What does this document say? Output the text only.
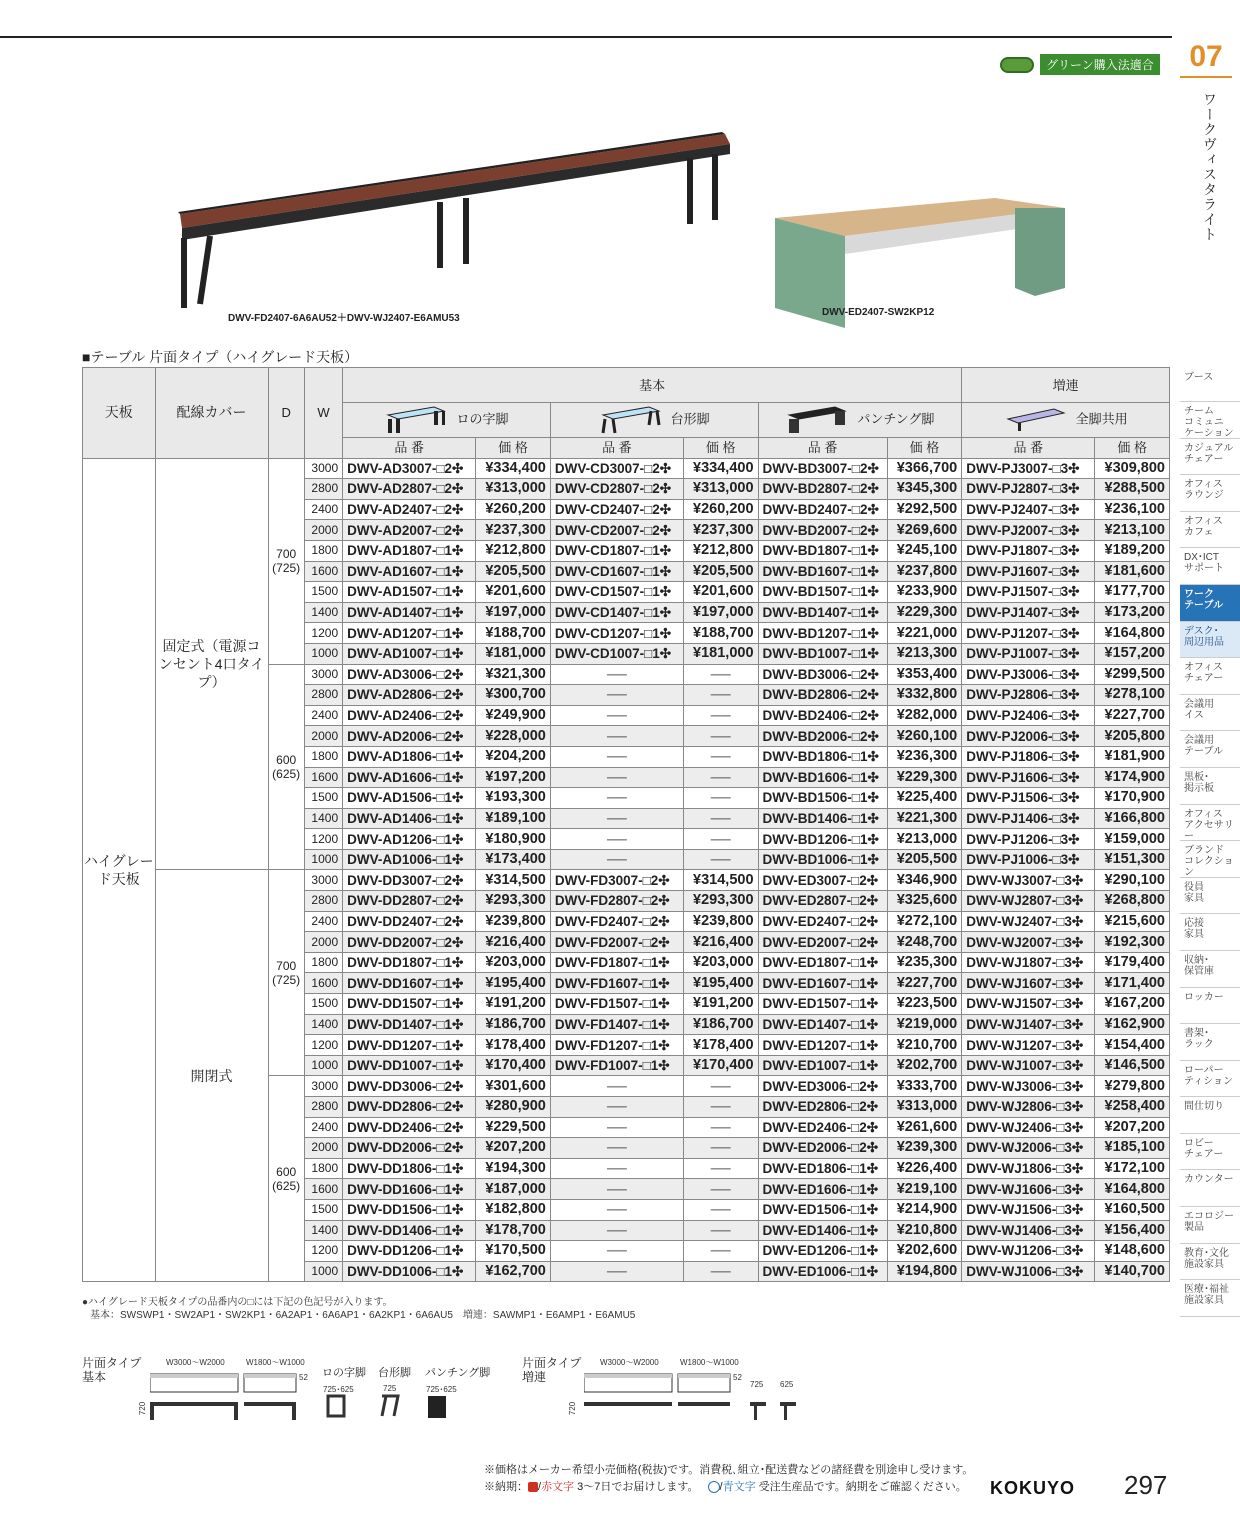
グリーン購入法適合	07
ワークヴィスタライト
DWV-FD2407-6A6AU52＋DWV-WJ2407-E6AMU53
DWV-ED2407-SW2KP12
ブース
チーム
コミュニ
ケーション
カジュアル
チェアー
オフィス
ラウンジ
オフィス
カフェ
DX･ICT
サポート
ワーク
テーブル
デスク･
周辺用品
オフィス
チェアー
会議用
イス
会議用
テーブル
黒板･
掲示板
オフィス
アクセサリー
ブランド
コレクション
役員
家具
応接
家具
収納･
保管庫
ロッカー
書架･
ラック
ローパー
ティション
間仕切り
ロビー
チェアー
カウンター
エコロジー
製品
教育･文化
施設家具
医療･福祉
施設家具
■テーブル 片面タイプ（ハイグレード天板）
天板	配線カバー	D	W	基本						増連	
				ロの字脚		台形脚		パンチング脚		全脚共用	
				品 番	価 格	品 番	価 格	品 番	価 格	品 番	価 格
ハイグレード天板	固定式（電源コンセント4口タイプ）	700 (725)	3000	DWV-AD3007-□2✣	¥334,400	DWV-CD3007-□2✣	¥334,400	DWV-BD3007-□2✣	¥366,700	DWV-PJ3007-□3✣	¥309,800
			2800	DWV-AD2807-□2✣	¥313,000	DWV-CD2807-□2✣	¥313,000	DWV-BD2807-□2✣	¥345,300	DWV-PJ2807-□3✣	¥288,500
			2400	DWV-AD2407-□2✣	¥260,200	DWV-CD2407-□2✣	¥260,200	DWV-BD2407-□2✣	¥292,500	DWV-PJ2407-□3✣	¥236,100
			2000	DWV-AD2007-□2✣	¥237,300	DWV-CD2007-□2✣	¥237,300	DWV-BD2007-□2✣	¥269,600	DWV-PJ2007-□3✣	¥213,100
			1800	DWV-AD1807-□1✣	¥212,800	DWV-CD1807-□1✣	¥212,800	DWV-BD1807-□1✣	¥245,100	DWV-PJ1807-□3✣	¥189,200
			1600	DWV-AD1607-□1✣	¥205,500	DWV-CD1607-□1✣	¥205,500	DWV-BD1607-□1✣	¥237,800	DWV-PJ1607-□3✣	¥181,600
			1500	DWV-AD1507-□1✣	¥201,600	DWV-CD1507-□1✣	¥201,600	DWV-BD1507-□1✣	¥233,900	DWV-PJ1507-□3✣	¥177,700
			1400	DWV-AD1407-□1✣	¥197,000	DWV-CD1407-□1✣	¥197,000	DWV-BD1407-□1✣	¥229,300	DWV-PJ1407-□3✣	¥173,200
			1200	DWV-AD1207-□1✣	¥188,700	DWV-CD1207-□1✣	¥188,700	DWV-BD1207-□1✣	¥221,000	DWV-PJ1207-□3✣	¥164,800
			1000	DWV-AD1007-□1✣	¥181,000	DWV-CD1007-□1✣	¥181,000	DWV-BD1007-□1✣	¥213,300	DWV-PJ1007-□3✣	¥157,200
		600 (625)	3000	DWV-AD3006-□2✣	¥321,300	──	──	DWV-BD3006-□2✣	¥353,400	DWV-PJ3006-□3✣	¥299,500
			2800	DWV-AD2806-□2✣	¥300,700	──	──	DWV-BD2806-□2✣	¥332,800	DWV-PJ2806-□3✣	¥278,100
			2400	DWV-AD2406-□2✣	¥249,900	──	──	DWV-BD2406-□2✣	¥282,000	DWV-PJ2406-□3✣	¥227,700
			2000	DWV-AD2006-□2✣	¥228,000	──	──	DWV-BD2006-□2✣	¥260,100	DWV-PJ2006-□3✣	¥205,800
			1800	DWV-AD1806-□1✣	¥204,200	──	──	DWV-BD1806-□1✣	¥236,300	DWV-PJ1806-□3✣	¥181,900
			1600	DWV-AD1606-□1✣	¥197,200	──	──	DWV-BD1606-□1✣	¥229,300	DWV-PJ1606-□3✣	¥174,900
			1500	DWV-AD1506-□1✣	¥193,300	──	──	DWV-BD1506-□1✣	¥225,400	DWV-PJ1506-□3✣	¥170,900
			1400	DWV-AD1406-□1✣	¥189,100	──	──	DWV-BD1406-□1✣	¥221,300	DWV-PJ1406-□3✣	¥166,800
			1200	DWV-AD1206-□1✣	¥180,900	──	──	DWV-BD1206-□1✣	¥213,000	DWV-PJ1206-□3✣	¥159,000
			1000	DWV-AD1006-□1✣	¥173,400	──	──	DWV-BD1006-□1✣	¥205,500	DWV-PJ1006-□3✣	¥151,300
	開閉式	700 (725)	3000	DWV-DD3007-□2✣	¥314,500	DWV-FD3007-□2✣	¥314,500	DWV-ED3007-□2✣	¥346,900	DWV-WJ3007-□3✣	¥290,100
			2800	DWV-DD2807-□2✣	¥293,300	DWV-FD2807-□2✣	¥293,300	DWV-ED2807-□2✣	¥325,600	DWV-WJ2807-□3✣	¥268,800
			2400	DWV-DD2407-□2✣	¥239,800	DWV-FD2407-□2✣	¥239,800	DWV-ED2407-□2✣	¥272,100	DWV-WJ2407-□3✣	¥215,600
			2000	DWV-DD2007-□2✣	¥216,400	DWV-FD2007-□2✣	¥216,400	DWV-ED2007-□2✣	¥248,700	DWV-WJ2007-□3✣	¥192,300
			1800	DWV-DD1807-□1✣	¥203,000	DWV-FD1807-□1✣	¥203,000	DWV-ED1807-□1✣	¥235,300	DWV-WJ1807-□3✣	¥179,400
			1600	DWV-DD1607-□1✣	¥195,400	DWV-FD1607-□1✣	¥195,400	DWV-ED1607-□1✣	¥227,700	DWV-WJ1607-□3✣	¥171,400
			1500	DWV-DD1507-□1✣	¥191,200	DWV-FD1507-□1✣	¥191,200	DWV-ED1507-□1✣	¥223,500	DWV-WJ1507-□3✣	¥167,200
			1400	DWV-DD1407-□1✣	¥186,700	DWV-FD1407-□1✣	¥186,700	DWV-ED1407-□1✣	¥219,000	DWV-WJ1407-□3✣	¥162,900
			1200	DWV-DD1207-□1✣	¥178,400	DWV-FD1207-□1✣	¥178,400	DWV-ED1207-□1✣	¥210,700	DWV-WJ1207-□3✣	¥154,400
			1000	DWV-DD1007-□1✣	¥170,400	DWV-FD1007-□1✣	¥170,400	DWV-ED1007-□1✣	¥202,700	DWV-WJ1007-□3✣	¥146,500
		600 (625)	3000	DWV-DD3006-□2✣	¥301,600	──	──	DWV-ED3006-□2✣	¥333,700	DWV-WJ3006-□3✣	¥279,800
			2800	DWV-DD2806-□2✣	¥280,900	──	──	DWV-ED2806-□2✣	¥313,000	DWV-WJ2806-□3✣	¥258,400
			2400	DWV-DD2406-□2✣	¥229,500	──	──	DWV-ED2406-□2✣	¥261,600	DWV-WJ2406-□3✣	¥207,200
			2000	DWV-DD2006-□2✣	¥207,200	──	──	DWV-ED2006-□2✣	¥239,300	DWV-WJ2006-□3✣	¥185,100
			1800	DWV-DD1806-□1✣	¥194,300	──	──	DWV-ED1806-□1✣	¥226,400	DWV-WJ1806-□3✣	¥172,100
			1600	DWV-DD1606-□1✣	¥187,000	──	──	DWV-ED1606-□1✣	¥219,100	DWV-WJ1606-□3✣	¥164,800
			1500	DWV-DD1506-□1✣	¥182,800	──	──	DWV-ED1506-□1✣	¥214,900	DWV-WJ1506-□3✣	¥160,500
			1400	DWV-DD1406-□1✣	¥178,700	──	──	DWV-ED1406-□1✣	¥210,800	DWV-WJ1406-□3✣	¥156,400
			1200	DWV-DD1206-□1✣	¥170,500	──	──	DWV-ED1206-□1✣	¥202,600	DWV-WJ1206-□3✣	¥148,600
			1000	DWV-DD1006-□1✣	¥162,700	──	──	DWV-ED1006-□1✣	¥194,800	DWV-WJ1006-□3✣	¥140,700
●ハイグレード天板タイプの品番内の□には下記の色記号が入ります。
基本：SWSWP1・SW2AP1・SW2KP1・6A2AP1・6A6AP1・6A2KP1・6A6AU5　増連：SAWMP1・E6AMP1・E6AMU5
片面タイプ 基本
片面タイプ 増連
W3000〜W2000	W1800〜W1000	W3000〜W2000	W1800〜W1000
52	52
ロの字脚 台形脚 パンチング脚
725･625	725	725･625
725 625
720	720
※価格はメーカー希望小売価格(税抜)です。消費税､組立･配送費などの諸経費を別途申し受けます。
※納期： /赤文字 3〜7日でお届けします。 /青文字 受注生産品です。納期をご確認ください。	KOKUYO 297
